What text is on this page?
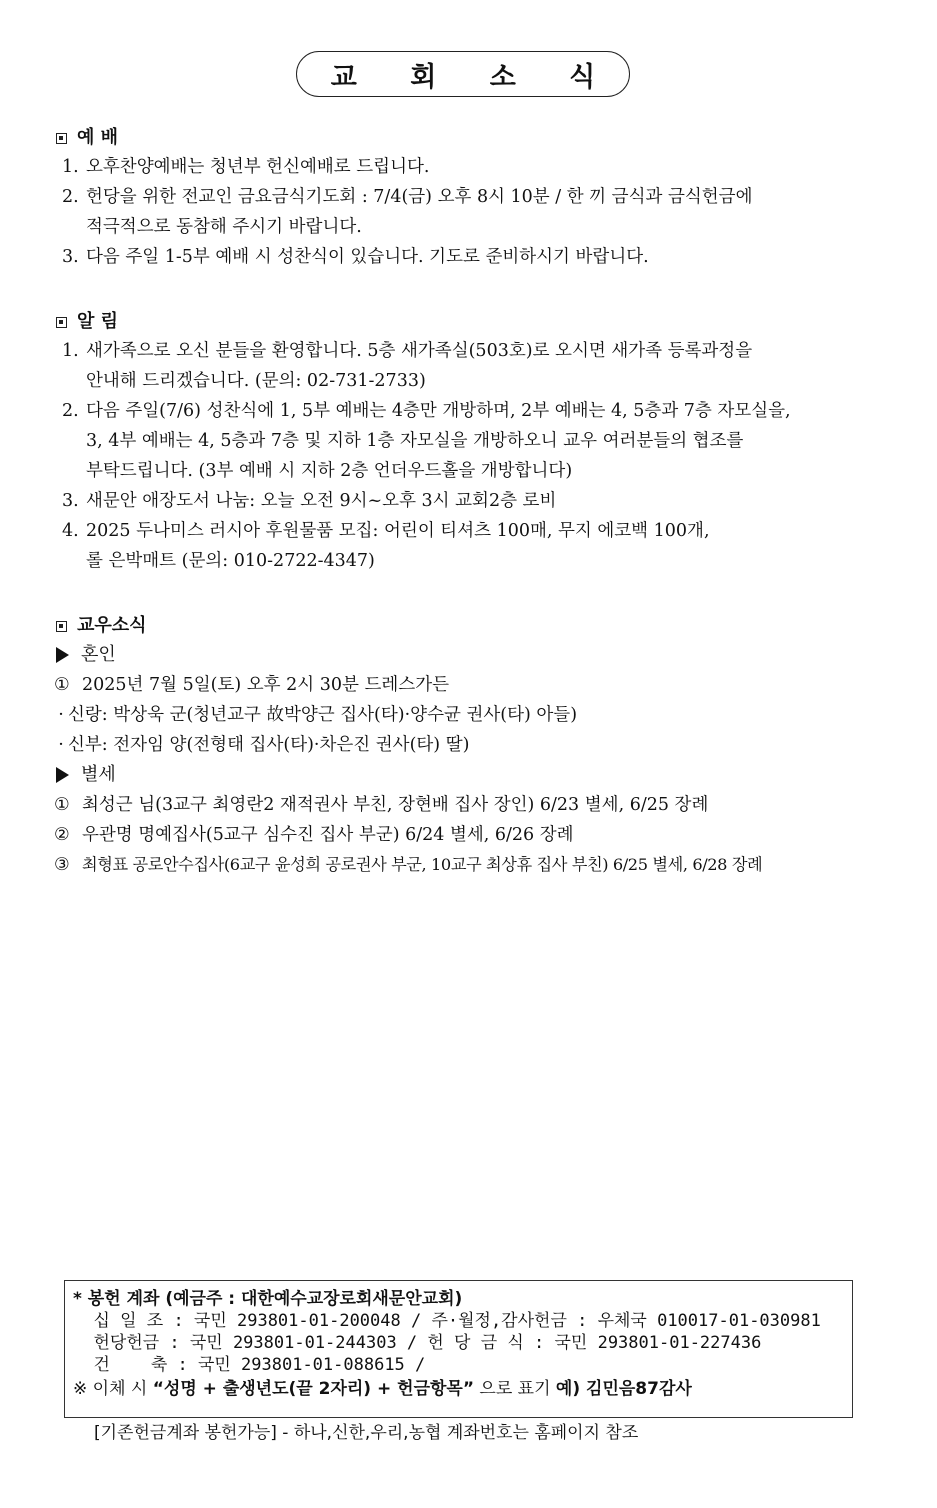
교 회 소 식
예 배
1. 오후찬양예배는 청년부 헌신예배로 드립니다.
2. 헌당을 위한 전교인 금요금식기도회 : 7/4(금) 오후 8시 10분 / 한 끼 금식과 금식헌금에
적극적으로 동참해 주시기 바랍니다.
3. 다음 주일 1-5부 예배 시 성찬식이 있습니다. 기도로 준비하시기 바랍니다.
알 림
1. 새가족으로 오신 분들을 환영합니다. 5층 새가족실(503호)로 오시면 새가족 등록과정을
안내해 드리겠습니다. (문의: 02-731-2733)
2. 다음 주일(7/6) 성찬식에 1, 5부 예배는 4층만 개방하며, 2부 예배는 4, 5층과 7층 자모실을,
3, 4부 예배는 4, 5층과 7층 및 지하 1층 자모실을 개방하오니 교우 여러분들의 협조를
부탁드립니다. (3부 예배 시 지하 2층 언더우드홀을 개방합니다)
3. 새문안 애장도서 나눔: 오늘 오전 9시~오후 3시 교회2층 로비
4. 2025 두나미스 러시아 후원물품 모집: 어린이 티셔츠 100매, 무지 에코백 100개,
롤 은박매트 (문의: 010-2722-4347)
교우소식
혼인
① 2025년 7월 5일(토) 오후 2시 30분 드레스가든
· 신랑: 박상욱 군(청년교구 故박양근 집사(타)·양수균 권사(타) 아들)
· 신부: 전자임 양(전형태 집사(타)·차은진 권사(타) 딸)
별세
① 최성근 님(3교구 최영란2 재적권사 부친, 장현배 집사 장인) 6/23 별세, 6/25 장례
② 우관명 명예집사(5교구 심수진 집사 부군) 6/24 별세, 6/26 장례
③ 최형표 공로안수집사(6교구 윤성희 공로권사 부군, 10교구 최상휴 집사 부친) 6/25 별세, 6/28 장례
* 봉헌 계좌 (예금주 : 대한예수교장로회새문안교회)
십 일 조 : 국민 293801-01-200048 / 주·월정,감사헌금 : 우체국 010017-01-030981
헌당헌금 : 국민 293801-01-244303 / 헌 당 금 식 : 국민 293801-01-227436
건    축 : 국민 293801-01-088615 /
※ 이체 시 “성명 + 출생년도(끝 2자리) + 헌금항목” 으로 표기 예) 김민음87감사
[기존헌금계좌 봉헌가능] - 하나,신한,우리,농협 계좌번호는 홈페이지 참조
